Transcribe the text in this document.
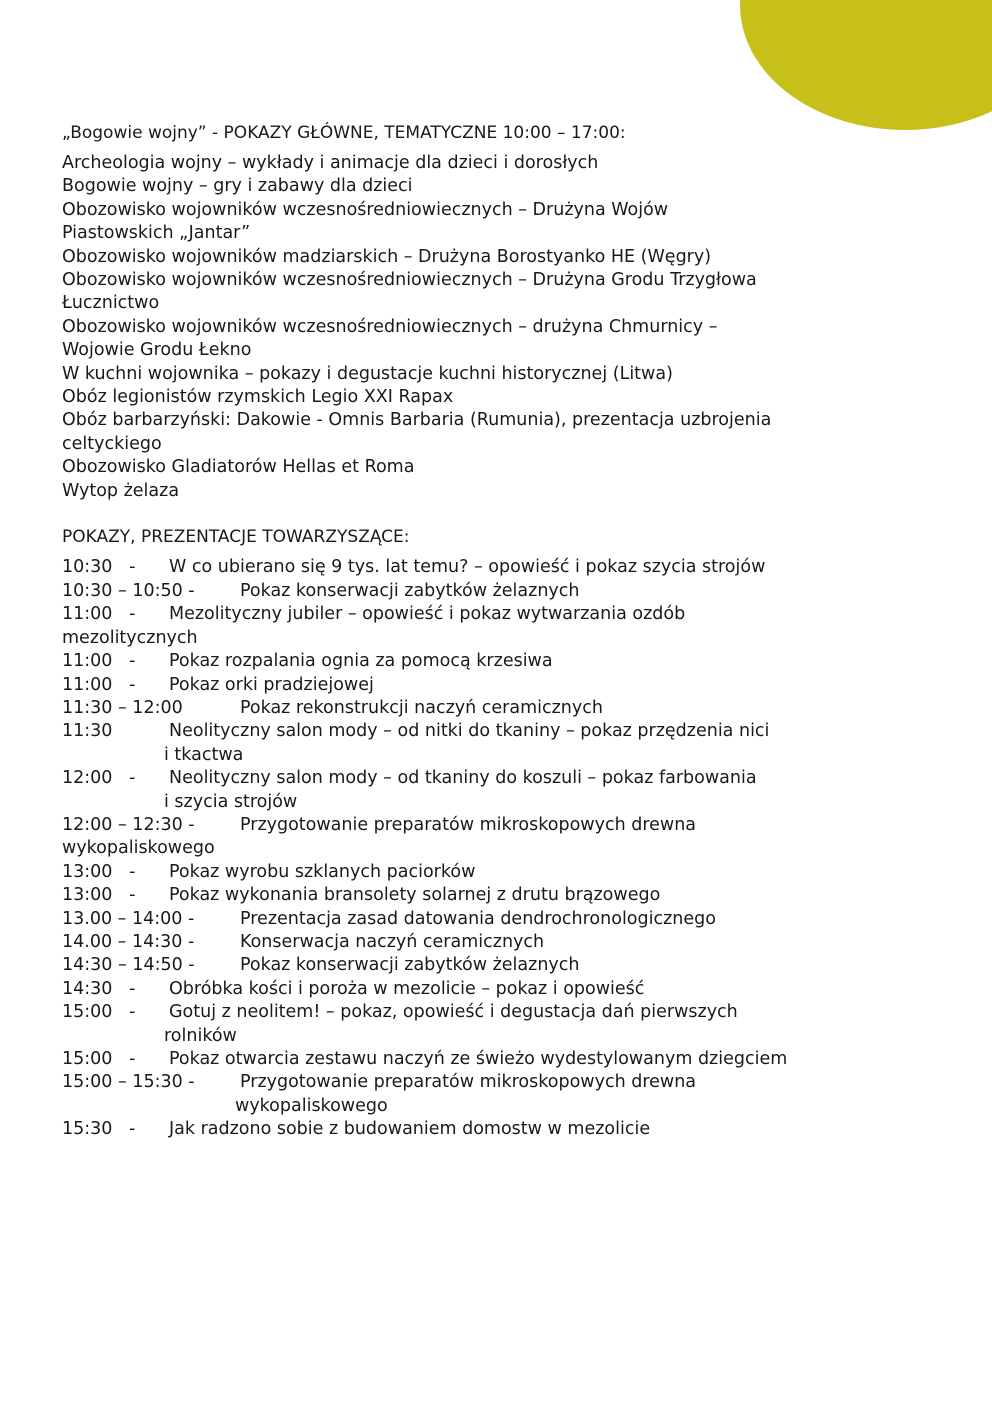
„Bogowie wojny” - POKAZY GŁÓWNE, TEMATYCZNE 10:00 – 17:00:
Archeologia wojny – wykłady i animacje dla dzieci i dorosłych
Bogowie wojny – gry i zabawy dla dzieci
Obozowisko wojowników wczesnośredniowiecznych – Drużyna Wojów
Piastowskich „Jantar”
Obozowisko wojowników madziarskich – Drużyna Borostyanko HE (Węgry)
Obozowisko wojowników wczesnośredniowiecznych – Drużyna Grodu Trzygłowa
Łucznictwo
Obozowisko wojowników wczesnośredniowiecznych – drużyna Chmurnicy –
Wojowie Grodu Łekno
W kuchni wojownika – pokazy i degustacje kuchni historycznej (Litwa)
Obóz legionistów rzymskich Legio XXI Rapax
Obóz barbarzyński: Dakowie - Omnis Barbaria (Rumunia), prezentacja uzbrojenia
celtyckiego
Obozowisko Gladiatorów Hellas et Roma
Wytop żelaza
POKAZY, PREZENTACJE TOWARZYSZĄCE:
10:30   -	W co ubierano się 9 tys. lat temu? – opowieść i pokaz szycia strojów
10:30 – 10:50 -	Pokaz konserwacji zabytków żelaznych
11:00   -	Mezolityczny jubiler – opowieść i pokaz wytwarzania ozdób
mezolitycznych
11:00   -	Pokaz rozpalania ognia za pomocą krzesiwa
11:00   -	Pokaz orki pradziejowej
11:30 – 12:00	Pokaz rekonstrukcji naczyń ceramicznych
11:30	Neolityczny salon mody – od nitki do tkaniny – pokaz przędzenia nici
i tkactwa
12:00   -	Neolityczny salon mody – od tkaniny do koszuli – pokaz farbowania
i szycia strojów
12:00 – 12:30 -	Przygotowanie preparatów mikroskopowych drewna
wykopaliskowego
13:00   -	Pokaz wyrobu szklanych paciorków
13:00   -	Pokaz wykonania bransolety solarnej z drutu brązowego
13.00 – 14:00 -	Prezentacja zasad datowania dendrochronologicznego
14.00 – 14:30 -	Konserwacja naczyń ceramicznych
14:30 – 14:50 -	Pokaz konserwacji zabytków żelaznych
14:30   -	Obróbka kości i poroża w mezolicie – pokaz i opowieść
15:00   -	Gotuj z neolitem! – pokaz, opowieść i degustacja dań pierwszych
rolników
15:00   -	Pokaz otwarcia zestawu naczyń ze świeżo wydestylowanym dziegciem
15:00 – 15:30 -	Przygotowanie preparatów mikroskopowych drewna
wykopaliskowego
15:30   -	Jak radzono sobie z budowaniem domostw w mezolicie
